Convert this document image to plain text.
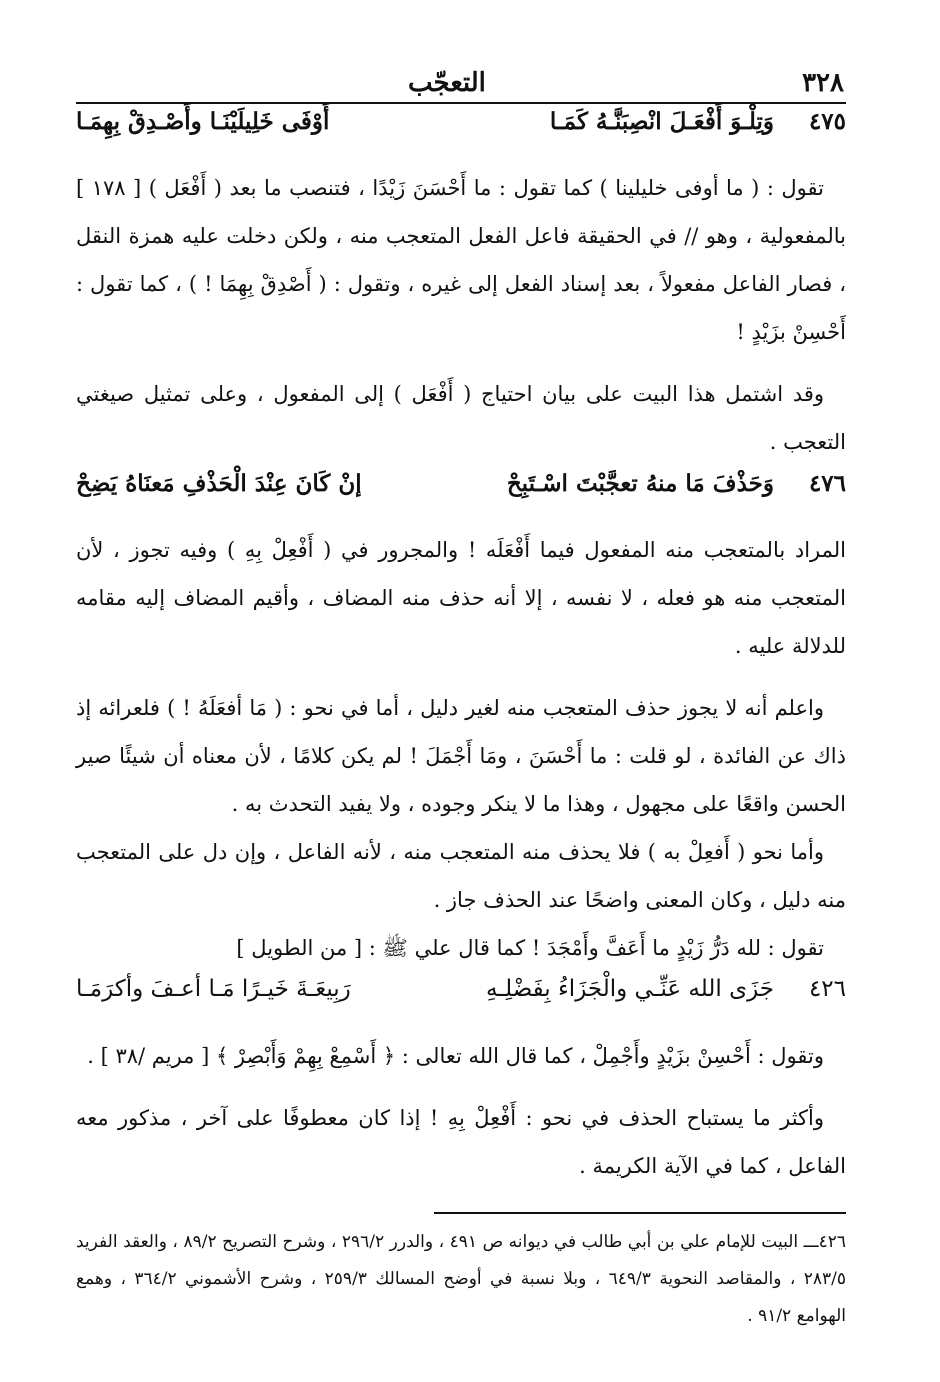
٣٢٨
التعجّب
٤٧٥
وَتِلْـوَ أَفْعَـلَ انْصِبَنَّـهُ كَمَـا
أَوْفَى خَلِيلَيْنَـا وأَصْـدِقْ بِهِمَـا

تقول : ( ما أوفى خليلينا ) كما تقول : ما أَحْسَنَ زَيْدًا ، فتنصب ما بعد ( أَفْعَل ) [ ١٧٨ ] بالمفعولية ، وهو // في الحقيقة فاعل الفعل المتعجب منه ، ولكن دخلت عليه همزة النقل ، فصار الفاعل مفعولاً ، بعد إسناد الفعل إلى غيره ، وتقول : ( أَصْدِقْ بِهِمَا ! ) ، كما تقول : أَحْسِنْ بزَيْدٍ !

وقد اشتمل هذا البيت على بيان احتياج ( أَفْعَل ) إلى المفعول ، وعلى تمثيل صيغتي التعجب .

٤٧٦
وَحَذْفَ مَا منهُ تعجَّبْتَ اسْـتَبِحْ
إنْ كَانَ عِنْدَ الْحَذْفِ مَعنَاهُ يَضِحْ

المراد بالمتعجب منه المفعول فيما أَفْعَلَه ! والمجرور في ( أَفْعِلْ بِهِ ) وفيه تجوز ، لأن المتعجب منه هو فعله ، لا نفسه ، إلا أنه حذف منه المضاف ، وأقيم المضاف إليه مقامه للدلالة عليه .

واعلم أنه لا يجوز حذف المتعجب منه لغير دليل ، أما في نحو : ( مَا أفعَلَهُ ! ) فلعرائه إذ ذاك عن الفائدة ، لو قلت : ما أَحْسَنَ ، ومَا أَجْمَلَ ! لم يكن كلامًا ، لأن معناه أن شيئًا صير الحسن واقعًا على مجهول ، وهذا ما لا ينكر وجوده ، ولا يفيد التحدث به .

وأما نحو ( أَفعِلْ به ) فلا يحذف منه المتعجب منه ، لأنه الفاعل ، وإن دل على المتعجب منه دليل ، وكان المعنى واضحًا عند الحذف جاز .

تقول : لله دَرُّ زَيْدٍ ما أَعَفَّ وأَمْجَدَ ! كما قال علي ﷺ : [ من الطويل ]

٤٢٦
جَزَى الله عَنِّـي والْجَزَاءُ بِفَضْلِـهِ
رَبِيعَـةَ خَيـرًا مَـا أعـفَ وأكرَمَـا

وتقول : أَحْسِنْ بزَيْدٍ وأَجْمِلْ ، كما قال الله تعالى : ﴿ أَسْمِعْ بِهِمْ وَأَبْصِرْ ﴾ [ مريم /٣٨ ] .

وأكثر ما يستباح الحذف في نحو : أَفْعِلْ بِهِ ! إذا كان معطوفًا على آخر ، مذكور معه الفاعل ، كما في الآية الكريمة .

٤٢٦ـــ البيت للإمام علي بن أبي طالب في ديوانه ص ٤٩١ ، والدرر ٢٩٦/٢ ، وشرح التصريح ٨٩/٢ ، والعقد الفريد ٢٨٣/٥ ، والمقاصد النحوية ٦٤٩/٣ ، وبلا نسبة في أوضح المسالك ٢٥٩/٣ ، وشرح الأشموني ٣٦٤/٢ ، وهمع الهوامع ٩١/٢ .
